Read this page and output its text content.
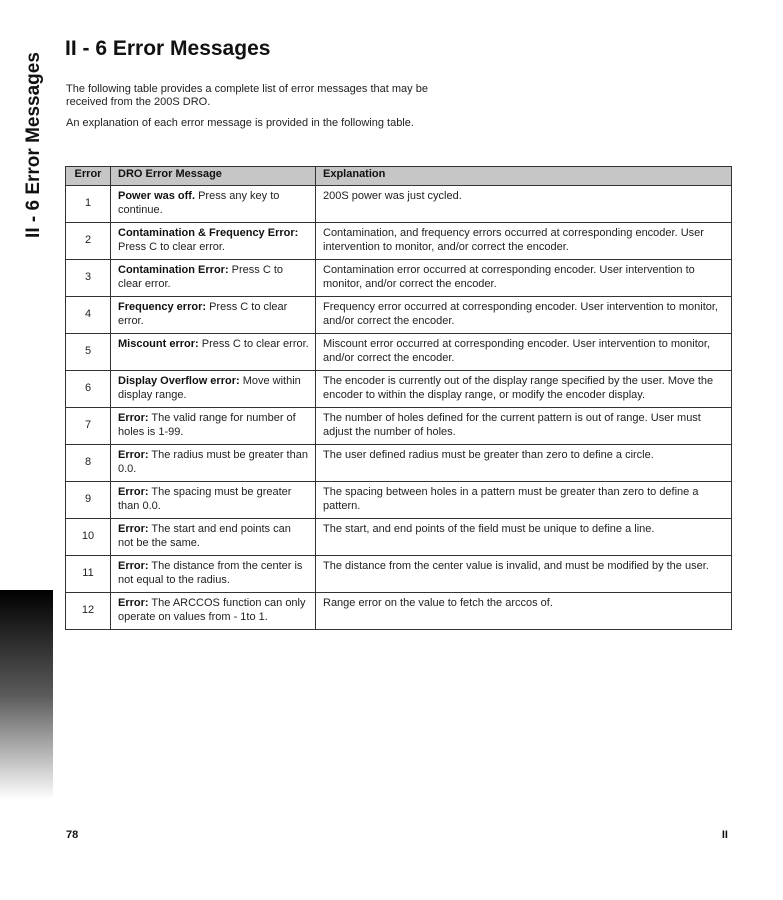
II - 6 Error Messages
II - 6 Error Messages

The following table provides a complete list of error messages that may be received from the 200S DRO.

An explanation of each error message is provided in the following table.

Error	DRO Error Message	Explanation
1	Power was off. Press any key to continue.	200S power was just cycled.
2	Contamination & Frequency Error: Press C to clear error.	Contamination, and frequency errors occurred at corresponding encoder. User intervention to monitor, and/or correct the encoder.
3	Contamination Error: Press C to clear error.	Contamination error occurred at corresponding encoder. User intervention to monitor, and/or correct the encoder.
4	Frequency error: Press C to clear error.	Frequency error occurred at corresponding encoder. User intervention to monitor, and/or correct the encoder.
5	Miscount error: Press C to clear error.	Miscount error occurred at corresponding encoder. User intervention to monitor, and/or correct the encoder.
6	Display Overflow error: Move within display range.	The encoder is currently out of the display range specified by the user. Move the encoder to within the display range, or modify the encoder display.
7	Error: The valid range for number of holes is 1-99.	The number of holes defined for the current pattern is out of range. User must adjust the number of holes.
8	Error: The radius must be greater than 0.0.	The user defined radius must be greater than zero to define a circle.
9	Error: The spacing must be greater than 0.0.	The spacing between holes in a pattern must be greater than zero to define a pattern.
10	Error: The start and end points can not be the same.	The start, and end points of the field must be unique to define a line.
11	Error: The distance from the center is not equal to the radius.	The distance from the center value is invalid, and must be modified by the user.
12	Error: The ARCCOS function can only operate on values from - 1to 1.	Range error on the value to fetch the arccos of.
78	II
